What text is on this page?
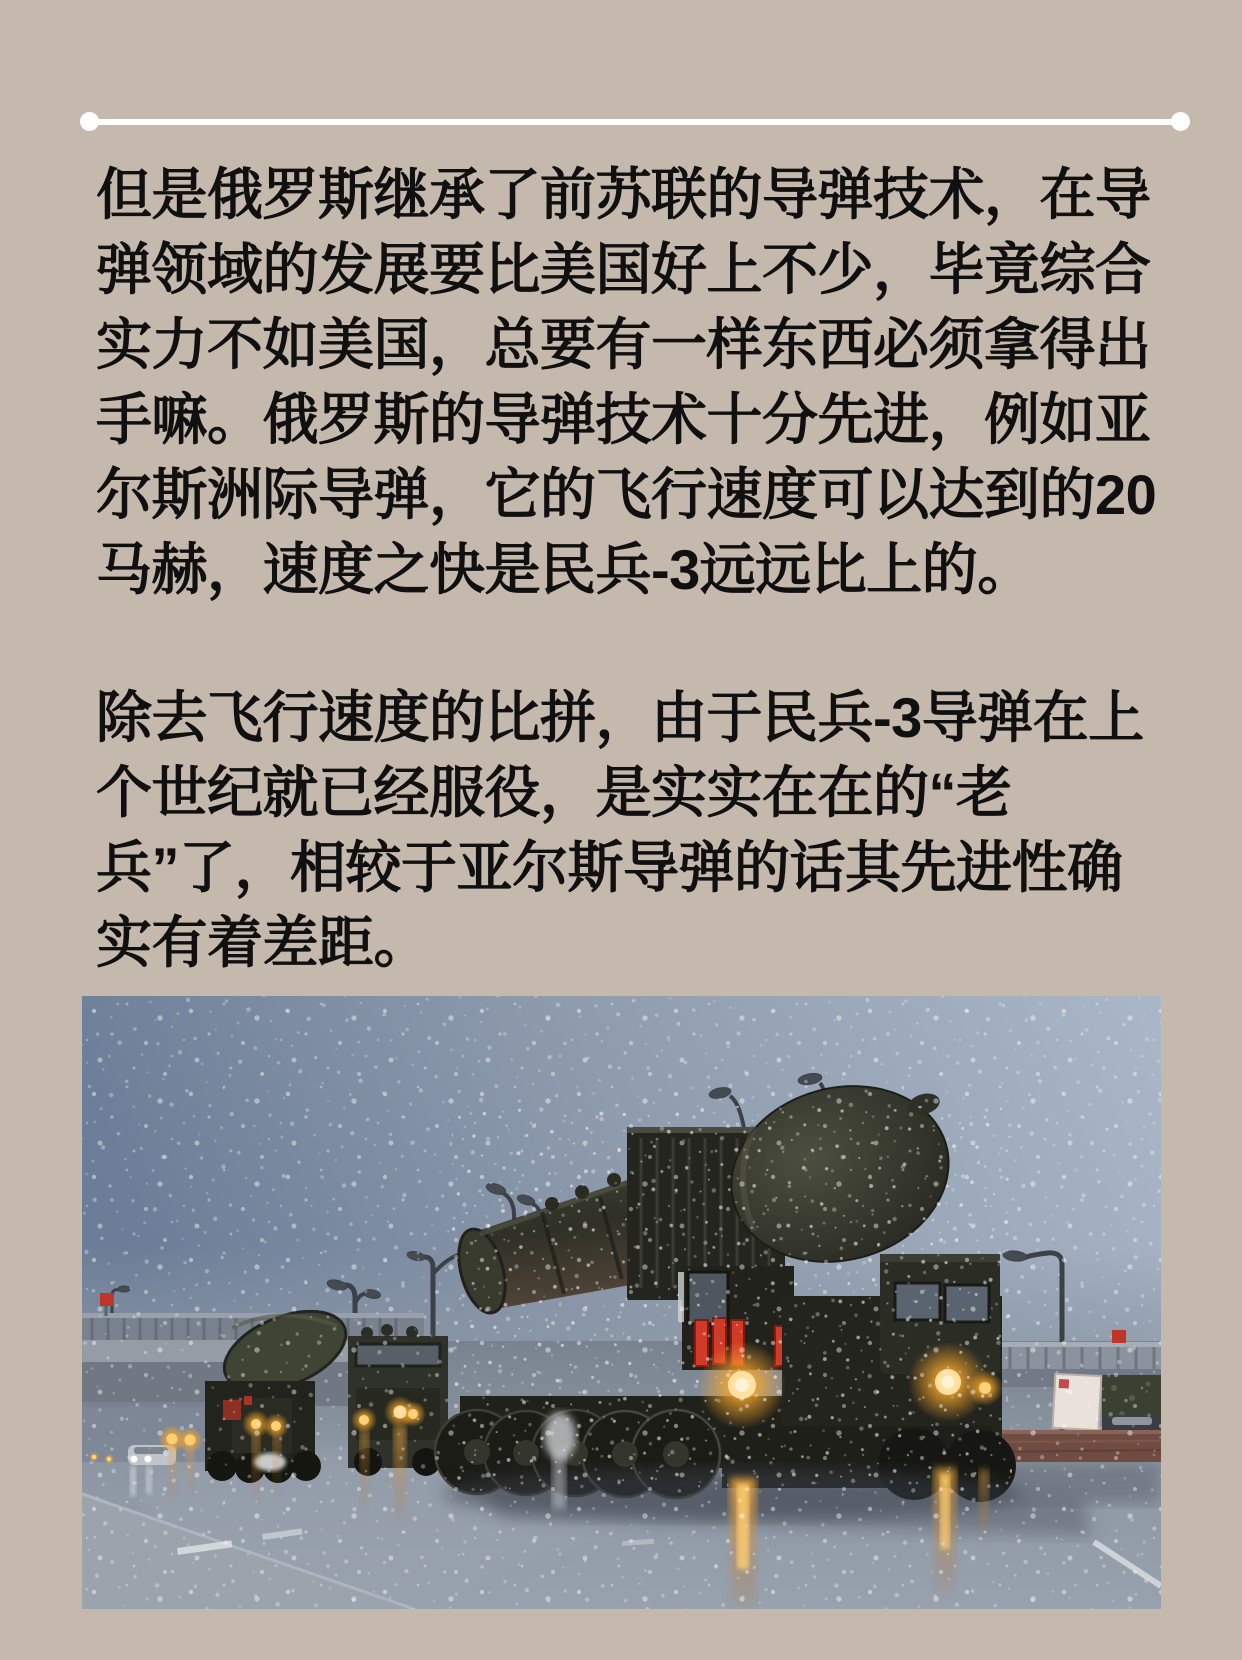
但是俄罗斯继承了前苏联的导弹技术，在导
弹领域的发展要比美国好上不少，毕竟综合
实力不如美国，总要有一样东西必须拿得出
手嘛。俄罗斯的导弹技术十分先进，例如亚
尔斯洲际导弹，它的飞行速度可以达到的20
马赫，速度之快是民兵-3远远比上的。
除去飞行速度的比拼，由于民兵-3导弹在上
个世纪就已经服役，是实实在在的“老
兵”了，相较于亚尔斯导弹的话其先进性确
实有着差距。
